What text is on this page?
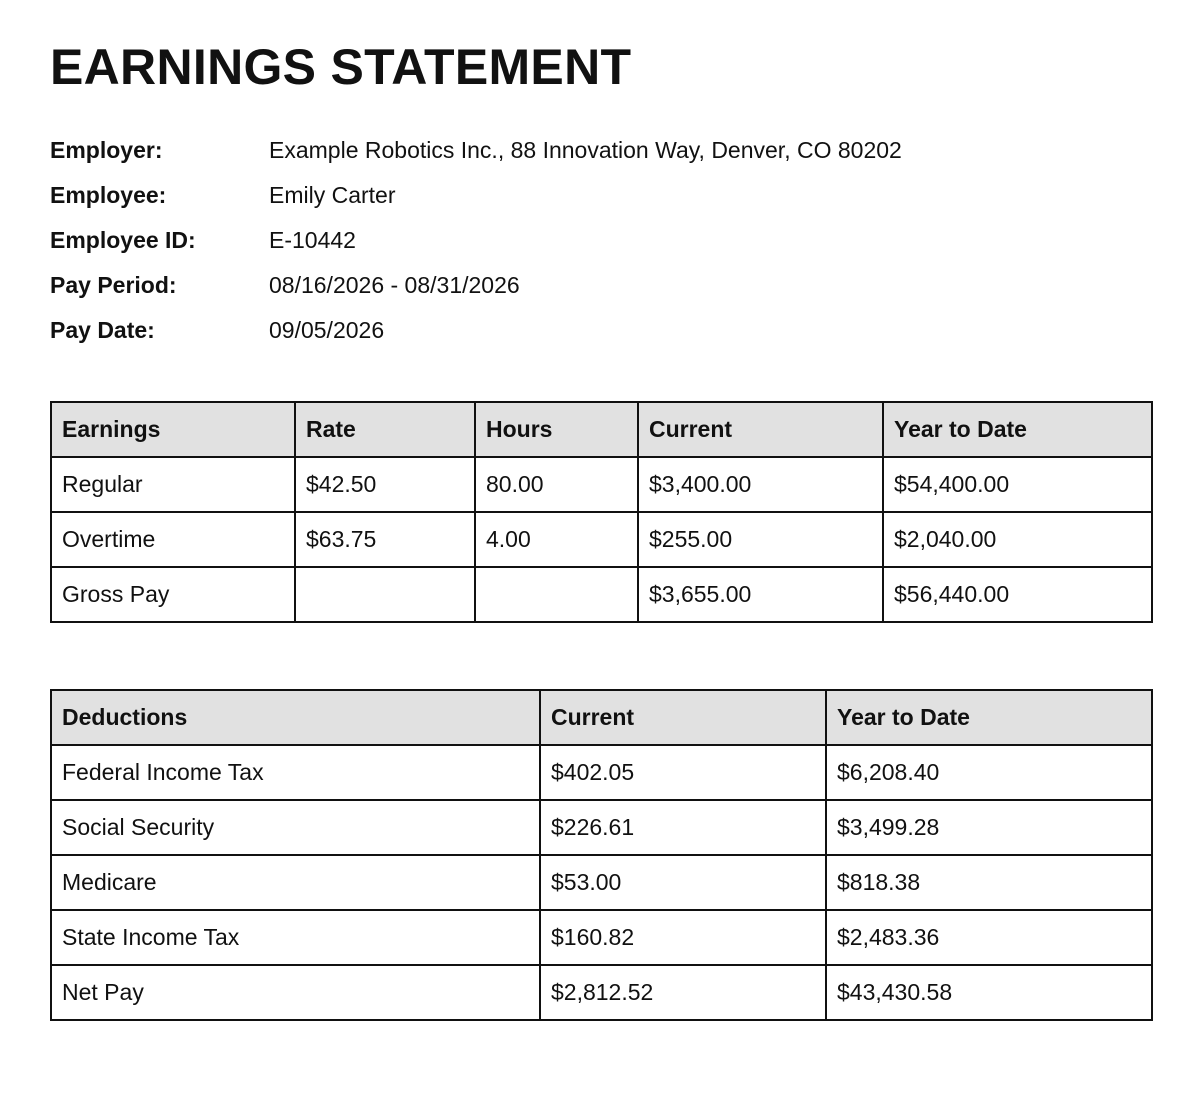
EARNINGS STATEMENT
Employer:	Example Robotics Inc., 88 Innovation Way, Denver, CO 80202
Employee:	Emily Carter
Employee ID:	E-10442
Pay Period:	08/16/2026 - 08/31/2026
Pay Date:	09/05/2026
Earnings	Rate	Hours	Current	Year to Date
Regular	$42.50	80.00	$3,400.00	$54,400.00
Overtime	$63.75	4.00	$255.00	$2,040.00
Gross Pay			$3,655.00	$56,440.00
Deductions	Current	Year to Date
Federal Income Tax	$402.05	$6,208.40
Social Security	$226.61	$3,499.28
Medicare	$53.00	$818.38
State Income Tax	$160.82	$2,483.36
Net Pay	$2,812.52	$43,430.58
